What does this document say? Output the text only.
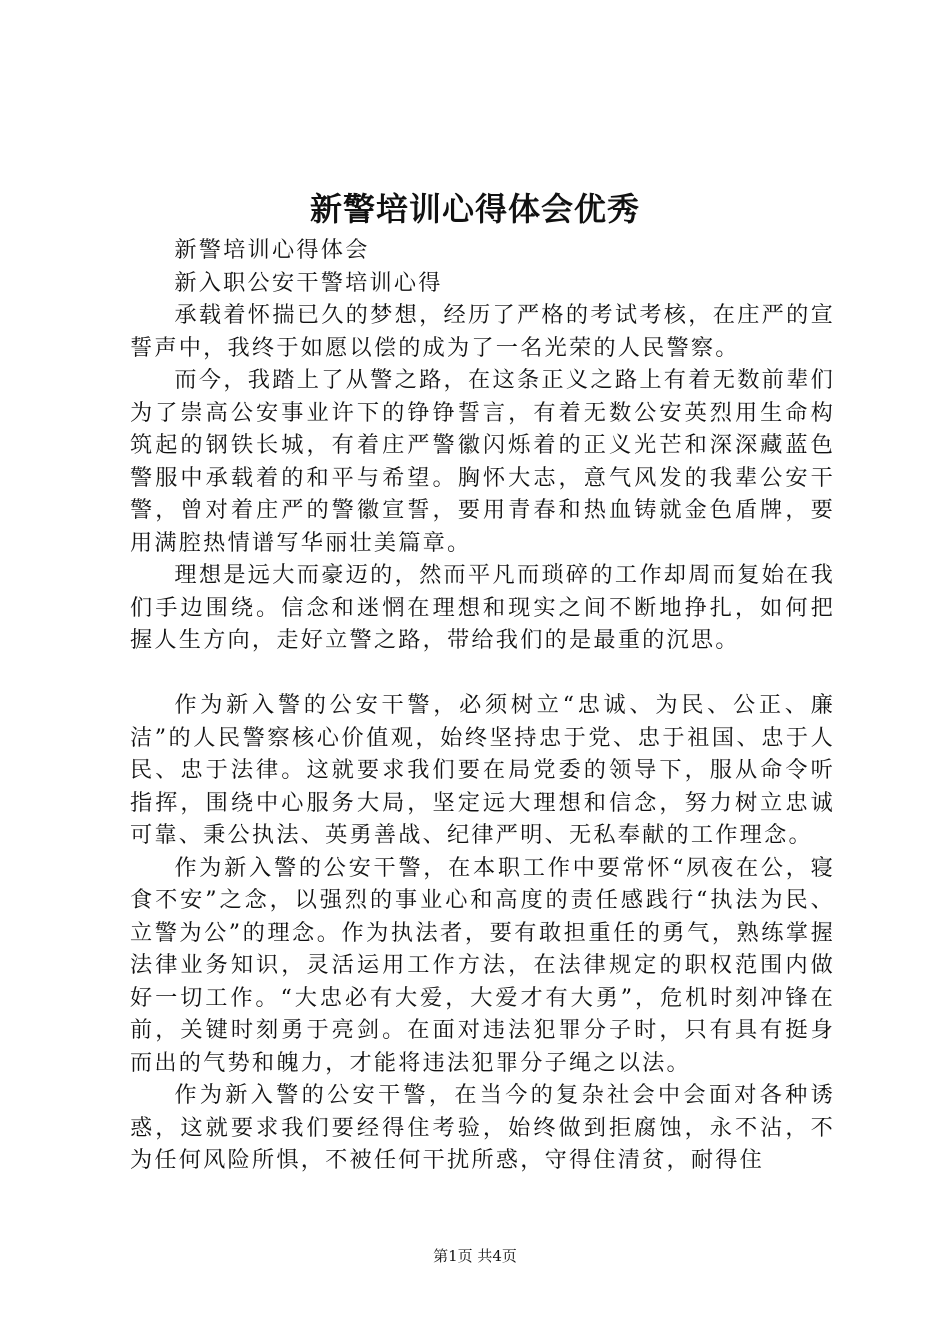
新警培训心得体会优秀

新警培训心得体会

新入职公安干警培训心得

承载着怀揣已久的梦想，经历了严格的考试考核，在庄严的宣誓声中，我终于如愿以偿的成为了一名光荣的人民警察。

而今，我踏上了从警之路，在这条正义之路上有着无数前辈们为了崇高公安事业许下的铮铮誓言，有着无数公安英烈用生命构筑起的钢铁长城，有着庄严警徽闪烁着的正义光芒和深深藏蓝色警服中承载着的和平与希望。胸怀大志，意气风发的我辈公安干警，曾对着庄严的警徽宣誓，要用青春和热血铸就金色盾牌，要用满腔热情谱写华丽壮美篇章。

理想是远大而豪迈的，然而平凡而琐碎的工作却周而复始在我们手边围绕。信念和迷惘在理想和现实之间不断地挣扎，如何把握人生方向，走好立警之路，带给我们的是最重的沉思。

作为新入警的公安干警，必须树立“忠诚、为民、公正、廉洁”的人民警察核心价值观，始终坚持忠于党、忠于祖国、忠于人民、忠于法律。这就要求我们要在局党委的领导下，服从命令听指挥，围绕中心服务大局，坚定远大理想和信念，努力树立忠诚可靠、秉公执法、英勇善战、纪律严明、无私奉献的工作理念。

作为新入警的公安干警，在本职工作中要常怀“夙夜在公，寝食不安”之念，以强烈的事业心和高度的责任感践行“执法为民、立警为公”的理念。作为执法者，要有敢担重任的勇气，熟练掌握法律业务知识，灵活运用工作方法，在法律规定的职权范围内做好一切工作。“大忠必有大爱，大爱才有大勇”，危机时刻冲锋在前，关键时刻勇于亮剑。在面对违法犯罪分子时，只有具有挺身而出的气势和魄力，才能将违法犯罪分子绳之以法。

作为新入警的公安干警，在当今的复杂社会中会面对各种诱惑，这就要求我们要经得住考验，始终做到拒腐蚀，永不沾，不为任何风险所惧，不被任何干扰所惑，守得住清贫，耐得住

第1页 共4页
